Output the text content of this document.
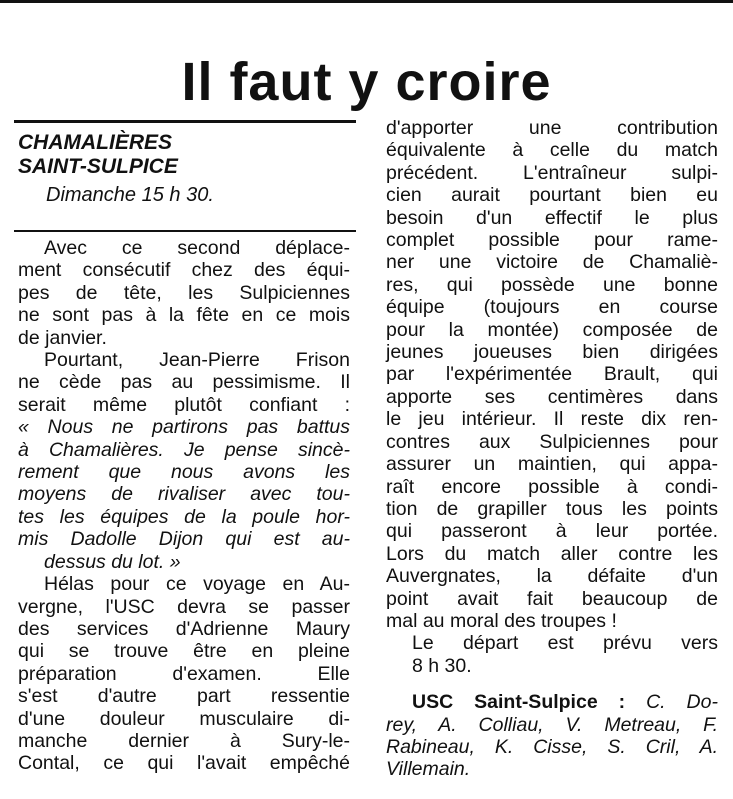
Il faut y croire

CHAMALIÈRES
SAINT-SULPICE

Dimanche 15 h 30.

Avec ce second déplace-
ment consécutif chez des équi-
pes de tête, les Sulpiciennes
ne sont pas à la fête en ce mois
de janvier.
Pourtant, Jean-Pierre Frison
ne cède pas au pessimisme. Il
serait même plutôt confiant :
« Nous ne partirons pas battus
à Chamalières. Je pense sincè-
rement que nous avons les
moyens de rivaliser avec tou-
tes les équipes de la poule hor-
mis Dadolle Dijon qui est au-
dessus du lot. »
Hélas pour ce voyage en Au-
vergne, l'USC devra se passer
des services d'Adrienne Maury
qui se trouve être en pleine
préparation d'examen. Elle
s'est d'autre part ressentie
d'une douleur musculaire di-
manche dernier à Sury-le-
Contal, ce qui l'avait empêché
d'apporter une contribution
équivalente à celle du match
précédent. L'entraîneur sulpi-
cien aurait pourtant bien eu
besoin d'un effectif le plus
complet possible pour rame-
ner une victoire de Chamaliè-
res, qui possède une bonne
équipe (toujours en course
pour la montée) composée de
jeunes joueuses bien dirigées
par l'expérimentée Brault, qui
apporte ses centimères dans
le jeu intérieur. Il reste dix ren-
contres aux Sulpiciennes pour
assurer un maintien, qui appa-
raît encore possible à condi-
tion de grapiller tous les points
qui passeront à leur portée.
Lors du match aller contre les
Auvergnates, la défaite d'un
point avait fait beaucoup de
mal au moral des troupes !
Le départ est prévu vers
8 h 30.
USC Saint-Sulpice : C. Do-
rey, A. Colliau, V. Metreau, F.
Rabineau, K. Cisse, S. Cril, A.
Villemain.
